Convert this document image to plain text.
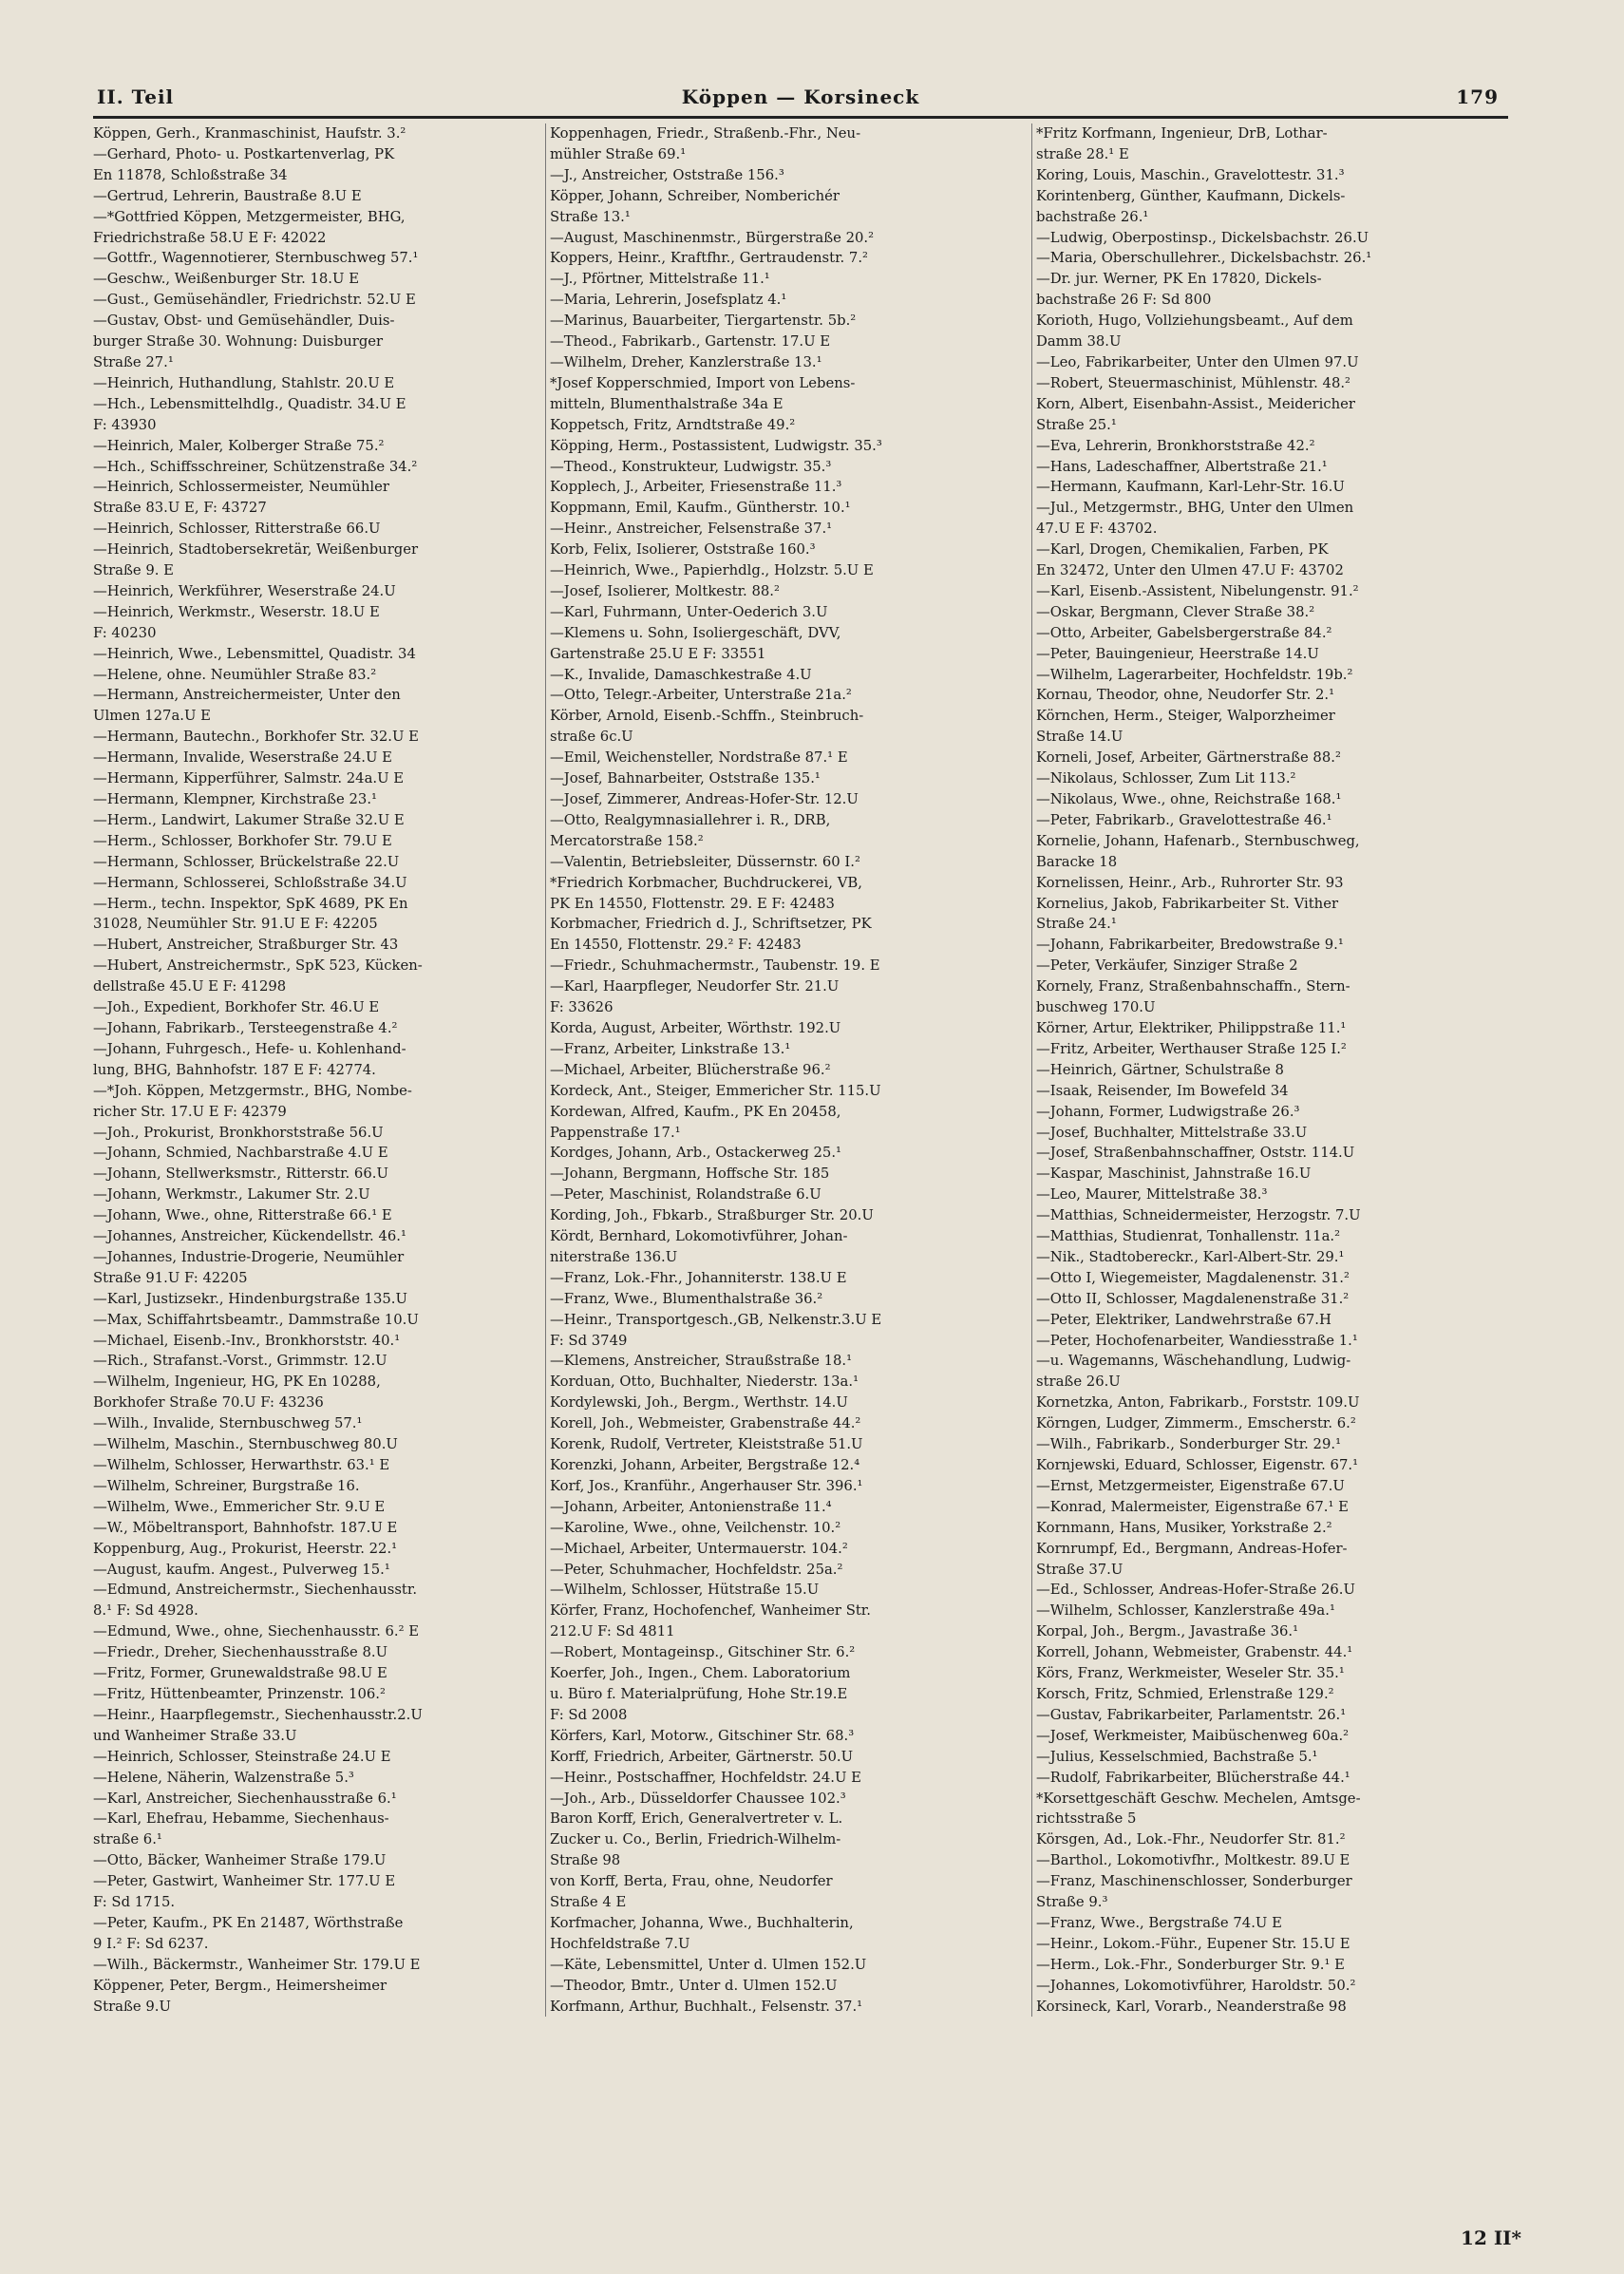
II. Teil	Köppen — Korsineck	179
Köppen, Gerh., Kranmaschinist, Haufstr. 3.²
—Gerhard, Photo- u. Postkartenverlag, PK
En 11878, Schloßstraße 34
—Gertrud, Lehrerin, Baustraße 8.U E
—*Gottfried Köppen, Metzgermeister, BHG,
Friedrichstraße 58.U E F: 42022
—Gottfr., Wagennotierer, Sternbuschweg 57.¹
—Geschw., Weißenburger Str. 18.U E
—Gust., Gemüsehändler, Friedrichstr. 52.U E
—Gustav, Obst- und Gemüsehändler, Duis-
burger Straße 30. Wohnung: Duisburger
Straße 27.¹
—Heinrich, Huthandlung, Stahlstr. 20.U E
—Hch., Lebensmittelhdlg., Quadistr. 34.U E
F: 43930
—Heinrich, Maler, Kolberger Straße 75.²
—Hch., Schiffsschreiner, Schützenstraße 34.²
—Heinrich, Schlossermeister, Neumühler
Straße 83.U E, F: 43727
—Heinrich, Schlosser, Ritterstraße 66.U
—Heinrich, Stadtobersekretär, Weißenburger
Straße 9. E
—Heinrich, Werkführer, Weserstraße 24.U
—Heinrich, Werkmstr., Weserstr. 18.U E
F: 40230
—Heinrich, Wwe., Lebensmittel, Quadistr. 34
—Helene, ohne. Neumühler Straße 83.²
—Hermann, Anstreichermeister, Unter den
Ulmen 127a.U E
—Hermann, Bautechn., Borkhofer Str. 32.U E
—Hermann, Invalide, Weserstraße 24.U E
—Hermann, Kipperführer, Salmstr. 24a.U E
—Hermann, Klempner, Kirchstraße 23.¹
—Herm., Landwirt, Lakumer Straße 32.U E
—Herm., Schlosser, Borkhofer Str. 79.U E
—Hermann, Schlosser, Brückelstraße 22.U
—Hermann, Schlosserei, Schloßstraße 34.U
—Herm., techn. Inspektor, SpK 4689, PK En
31028, Neumühler Str. 91.U E F: 42205
—Hubert, Anstreicher, Straßburger Str. 43
—Hubert, Anstreichermstr., SpK 523, Kücken-
dellstraße 45.U E F: 41298
—Joh., Expedient, Borkhofer Str. 46.U E
—Johann, Fabrikarb., Tersteegenstraße 4.²
—Johann, Fuhrgesch., Hefe- u. Kohlenhand-
lung, BHG, Bahnhofstr. 187 E F: 42774.
—*Joh. Köppen, Metzgermstr., BHG, Nombe-
richer Str. 17.U E F: 42379
—Joh., Prokurist, Bronkhorststraße 56.U
—Johann, Schmied, Nachbarstraße 4.U E
—Johann, Stellwerksmstr., Ritterstr. 66.U
—Johann, Werkmstr., Lakumer Str. 2.U
—Johann, Wwe., ohne, Ritterstraße 66.¹ E
—Johannes, Anstreicher, Kückendellstr. 46.¹
—Johannes, Industrie-Drogerie, Neumühler
Straße 91.U F: 42205
—Karl, Justizsekr., Hindenburgstraße 135.U
—Max, Schiffahrtsbeamtr., Dammstraße 10.U
—Michael, Eisenb.-Inv., Bronkhorststr. 40.¹
—Rich., Strafanst.-Vorst., Grimmstr. 12.U
—Wilhelm, Ingenieur, HG, PK En 10288,
Borkhofer Straße 70.U F: 43236
—Wilh., Invalide, Sternbuschweg 57.¹
—Wilhelm, Maschin., Sternbuschweg 80.U
—Wilhelm, Schlosser, Herwarthstr. 63.¹ E
—Wilhelm, Schreiner, Burgstraße 16.
—Wilhelm, Wwe., Emmericher Str. 9.U E
—W., Möbeltransport, Bahnhofstr. 187.U E
Koppenburg, Aug., Prokurist, Heerstr. 22.¹
—August, kaufm. Angest., Pulverweg 15.¹
—Edmund, Anstreichermstr., Siechenhausstr.
8.¹ F: Sd 4928.
—Edmund, Wwe., ohne, Siechenhausstr. 6.² E
—Friedr., Dreher, Siechenhausstraße 8.U
—Fritz, Former, Grunewaldstraße 98.U E
—Fritz, Hüttenbeamter, Prinzenstr. 106.²
—Heinr., Haarpflegemstr., Siechenhausstr.2.U
und Wanheimer Straße 33.U
—Heinrich, Schlosser, Steinstraße 24.U E
—Helene, Näherin, Walzenstraße 5.³
—Karl, Anstreicher, Siechenhausstraße 6.¹
—Karl, Ehefrau, Hebamme, Siechenhaus-
straße 6.¹
—Otto, Bäcker, Wanheimer Straße 179.U
—Peter, Gastwirt, Wanheimer Str. 177.U E
F: Sd 1715.
—Peter, Kaufm., PK En 21487, Wörthstraße
9 I.² F: Sd 6237.
—Wilh., Bäckermstr., Wanheimer Str. 179.U E
Köppener, Peter, Bergm., Heimersheimer
Straße 9.U
Koppenhagen, Friedr., Straßenb.-Fhr., Neu-
mühler Straße 69.¹
—J., Anstreicher, Oststraße 156.³
Köpper, Johann, Schreiber, Nomberichér
Straße 13.¹
—August, Maschinenmstr., Bürgerstraße 20.²
Koppers, Heinr., Kraftfhr., Gertraudenstr. 7.²
—J., Pförtner, Mittelstraße 11.¹
—Maria, Lehrerin, Josefsplatz 4.¹
—Marinus, Bauarbeiter, Tiergartenstr. 5b.²
—Theod., Fabrikarb., Gartenstr. 17.U E
—Wilhelm, Dreher, Kanzlerstraße 13.¹
*Josef Kopperschmied, Import von Lebens-
mitteln, Blumenthalstraße 34a E
Koppetsch, Fritz, Arndtstraße 49.²
Köpping, Herm., Postassistent, Ludwigstr. 35.³
—Theod., Konstrukteur, Ludwigstr. 35.³
Kopplech, J., Arbeiter, Friesenstraße 11.³
Koppmann, Emil, Kaufm., Güntherstr. 10.¹
—Heinr., Anstreicher, Felsenstraße 37.¹
Korb, Felix, Isolierer, Oststraße 160.³
—Heinrich, Wwe., Papierhdlg., Holzstr. 5.U E
—Josef, Isolierer, Moltkestr. 88.²
—Karl, Fuhrmann, Unter-Oederich 3.U
—Klemens u. Sohn, Isoliergeschäft, DVV,
Gartenstraße 25.U E F: 33551
—K., Invalide, Damaschkestraße 4.U
—Otto, Telegr.-Arbeiter, Unterstraße 21a.²
Körber, Arnold, Eisenb.-Schffn., Steinbruch-
straße 6c.U
—Emil, Weichensteller, Nordstraße 87.¹ E
—Josef, Bahnarbeiter, Oststraße 135.¹
—Josef, Zimmerer, Andreas-Hofer-Str. 12.U
—Otto, Realgymnasiallehrer i. R., DRB,
Mercatorstraße 158.²
—Valentin, Betriebsleiter, Düssernstr. 60 I.²
*Friedrich Korbmacher, Buchdruckerei, VB,
PK En 14550, Flottenstr. 29. E F: 42483
Korbmacher, Friedrich d. J., Schriftsetzer, PK
En 14550, Flottenstr. 29.² F: 42483
—Friedr., Schuhmachermstr., Taubenstr. 19. E
—Karl, Haarpfleger, Neudorfer Str. 21.U
F: 33626
Korda, August, Arbeiter, Wörthstr. 192.U
—Franz, Arbeiter, Linkstraße 13.¹
—Michael, Arbeiter, Blücherstraße 96.²
Kordeck, Ant., Steiger, Emmericher Str. 115.U
Kordewan, Alfred, Kaufm., PK En 20458,
Pappenstraße 17.¹
Kordges, Johann, Arb., Ostackerweg 25.¹
—Johann, Bergmann, Hoffsche Str. 185
—Peter, Maschinist, Rolandstraße 6.U
Kording, Joh., Fbkarb., Straßburger Str. 20.U
Kördt, Bernhard, Lokomotivführer, Johan-
niterstraße 136.U
—Franz, Lok.-Fhr., Johanniterstr. 138.U E
—Franz, Wwe., Blumenthalstraße 36.²
—Heinr., Transportgesch.,GB, Nelkenstr.3.U E
F: Sd 3749
—Klemens, Anstreicher, Straußstraße 18.¹
Korduan, Otto, Buchhalter, Niederstr. 13a.¹
Kordylewski, Joh., Bergm., Werthstr. 14.U
Korell, Joh., Webmeister, Grabenstraße 44.²
Korenk, Rudolf, Vertreter, Kleiststraße 51.U
Korenzki, Johann, Arbeiter, Bergstraße 12.⁴
Korf, Jos., Kranführ., Angerhauser Str. 396.¹
—Johann, Arbeiter, Antonienstraße 11.⁴
—Karoline, Wwe., ohne, Veilchenstr. 10.²
—Michael, Arbeiter, Untermauerstr. 104.²
—Peter, Schuhmacher, Hochfeldstr. 25a.²
—Wilhelm, Schlosser, Hütstraße 15.U
Körfer, Franz, Hochofenchef, Wanheimer Str.
212.U F: Sd 4811
—Robert, Montageinsp., Gitschiner Str. 6.²
Koerfer, Joh., Ingen., Chem. Laboratorium
u. Büro f. Materialprüfung, Hohe Str.19.E
F: Sd 2008
Körfers, Karl, Motorw., Gitschiner Str. 68.³
Korff, Friedrich, Arbeiter, Gärtnerstr. 50.U
—Heinr., Postschaffner, Hochfeldstr. 24.U E
—Joh., Arb., Düsseldorfer Chaussee 102.³
Baron Korff, Erich, Generalvertreter v. L.
Zucker u. Co., Berlin, Friedrich-Wilhelm-
Straße 98
von Korff, Berta, Frau, ohne, Neudorfer
Straße 4 E
Korfmacher, Johanna, Wwe., Buchhalterin,
Hochfeldstraße 7.U
—Käte, Lebensmittel, Unter d. Ulmen 152.U
—Theodor, Bmtr., Unter d. Ulmen 152.U
Korfmann, Arthur, Buchhalt., Felsenstr. 37.¹
*Fritz Korfmann, Ingenieur, DrB, Lothar-
straße 28.¹ E
Koring, Louis, Maschin., Gravelottestr. 31.³
Korintenberg, Günther, Kaufmann, Dickels-
bachstraße 26.¹
—Ludwig, Oberpostinsp., Dickelsbachstr. 26.U
—Maria, Oberschullehrer., Dickelsbachstr. 26.¹
—Dr. jur. Werner, PK En 17820, Dickels-
bachstraße 26 F: Sd 800
Korioth, Hugo, Vollziehungsbeamt., Auf dem
Damm 38.U
—Leo, Fabrikarbeiter, Unter den Ulmen 97.U
—Robert, Steuermaschinist, Mühlenstr. 48.²
Korn, Albert, Eisenbahn-Assist., Meidericher
Straße 25.¹
—Eva, Lehrerin, Bronkhorststraße 42.²
—Hans, Ladeschaffner, Albertstraße 21.¹
—Hermann, Kaufmann, Karl-Lehr-Str. 16.U
—Jul., Metzgermstr., BHG, Unter den Ulmen
47.U E F: 43702.
—Karl, Drogen, Chemikalien, Farben, PK
En 32472, Unter den Ulmen 47.U F: 43702
—Karl, Eisenb.-Assistent, Nibelungenstr. 91.²
—Oskar, Bergmann, Clever Straße 38.²
—Otto, Arbeiter, Gabelsbergerstraße 84.²
—Peter, Bauingenieur, Heerstraße 14.U
—Wilhelm, Lagerarbeiter, Hochfeldstr. 19b.²
Kornau, Theodor, ohne, Neudorfer Str. 2.¹
Körnchen, Herm., Steiger, Walporzheimer
Straße 14.U
Korneli, Josef, Arbeiter, Gärtnerstraße 88.²
—Nikolaus, Schlosser, Zum Lit 113.²
—Nikolaus, Wwe., ohne, Reichstraße 168.¹
—Peter, Fabrikarb., Gravelottestraße 46.¹
Kornelie, Johann, Hafenarb., Sternbuschweg,
Baracke 18
Kornelissen, Heinr., Arb., Ruhrorter Str. 93
Kornelius, Jakob, Fabrikarbeiter St. Vither
Straße 24.¹
—Johann, Fabrikarbeiter, Bredowstraße 9.¹
—Peter, Verkäufer, Sinziger Straße 2
Kornely, Franz, Straßenbahnschaffn., Stern-
buschweg 170.U
Körner, Artur, Elektriker, Philippstraße 11.¹
—Fritz, Arbeiter, Werthauser Straße 125 I.²
—Heinrich, Gärtner, Schulstraße 8
—Isaak, Reisender, Im Bowefeld 34
—Johann, Former, Ludwigstraße 26.³
—Josef, Buchhalter, Mittelstraße 33.U
—Josef, Straßenbahnschaffner, Oststr. 114.U
—Kaspar, Maschinist, Jahnstraße 16.U
—Leo, Maurer, Mittelstraße 38.³
—Matthias, Schneidermeister, Herzogstr. 7.U
—Matthias, Studienrat, Tonhallenstr. 11a.²
—Nik., Stadtobereckr., Karl-Albert-Str. 29.¹
—Otto I, Wiegemeister, Magdalenenstr. 31.²
—Otto II, Schlosser, Magdalenenstraße 31.²
—Peter, Elektriker, Landwehrstraße 67.H
—Peter, Hochofenarbeiter, Wandiesstraße 1.¹
—u. Wagemanns, Wäschehandlung, Ludwig-
straße 26.U
Kornetzka, Anton, Fabrikarb., Forststr. 109.U
Körngen, Ludger, Zimmerm., Emscherstr. 6.²
—Wilh., Fabrikarb., Sonderburger Str. 29.¹
Kornjewski, Eduard, Schlosser, Eigenstr. 67.¹
—Ernst, Metzgermeister, Eigenstraße 67.U
—Konrad, Malermeister, Eigenstraße 67.¹ E
Kornmann, Hans, Musiker, Yorkstraße 2.²
Kornrumpf, Ed., Bergmann, Andreas-Hofer-
Straße 37.U
—Ed., Schlosser, Andreas-Hofer-Straße 26.U
—Wilhelm, Schlosser, Kanzlerstraße 49a.¹
Korpal, Joh., Bergm., Javastraße 36.¹
Korrell, Johann, Webmeister, Grabenstr. 44.¹
Körs, Franz, Werkmeister, Weseler Str. 35.¹
Korsch, Fritz, Schmied, Erlenstraße 129.²
—Gustav, Fabrikarbeiter, Parlamentstr. 26.¹
—Josef, Werkmeister, Maibüschenweg 60a.²
—Julius, Kesselschmied, Bachstraße 5.¹
—Rudolf, Fabrikarbeiter, Blücherstraße 44.¹
*Korsettgeschäft Geschw. Mechelen, Amtsge-
richtsstraße 5
Körsgen, Ad., Lok.-Fhr., Neudorfer Str. 81.²
—Barthol., Lokomotivfhr., Moltkestr. 89.U E
—Franz, Maschinenschlosser, Sonderburger
Straße 9.³
—Franz, Wwe., Bergstraße 74.U E
—Heinr., Lokom.-Führ., Eupener Str. 15.U E
—Herm., Lok.-Fhr., Sonderburger Str. 9.¹ E
—Johannes, Lokomotivführer, Haroldstr. 50.²
Korsineck, Karl, Vorarb., Neanderstraße 98
12 II*
